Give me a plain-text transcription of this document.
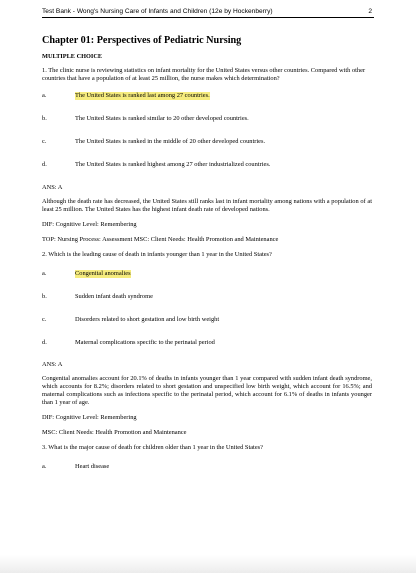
Test Bank - Wong's Nursing Care of Infants and Children (12e by Hockenberry)	2
Chapter 01: Perspectives of Pediatric Nursing
MULTIPLE CHOICE

1. The clinic nurse is reviewing statistics on infant mortality for the United States versus other countries. Compared with other countries that have a population of at least 25 million, the nurse makes which determination?

a.	The United States is ranked last among 27 countries.
b.	The United States is ranked similar to 20 other developed countries.
c.	The United States is ranked in the middle of 20 other developed countries.
d.	The United States is ranked highest among 27 other industrialized countries.

ANS: A

Although the death rate has decreased, the United States still ranks last in infant mortality among nations with a population of at least 25 million. The United States has the highest infant death rate of developed nations.

DIF: Cognitive Level: Remembering

TOP: Nursing Process: Assessment MSC: Client Needs: Health Promotion and Maintenance

2. Which is the leading cause of death in infants younger than 1 year in the United States?

a.	Congenital anomalies
b.	Sudden infant death syndrome
c.	Disorders related to short gestation and low birth weight
d.	Maternal complications specific to the perinatal period

ANS: A

Congenital anomalies account for 20.1% of deaths in infants younger than 1 year compared with sudden infant death syndrome, which accounts for 8.2%; disorders related to short gestation and unspecified low birth weight, which account for 16.5%; and maternal complications such as infections specific to the perinatal period, which account for 6.1% of deaths in infants younger than 1 year of age.

DIF: Cognitive Level: Remembering

MSC: Client Needs: Health Promotion and Maintenance

3. What is the major cause of death for children older than 1 year in the United States?

a.	Heart disease
